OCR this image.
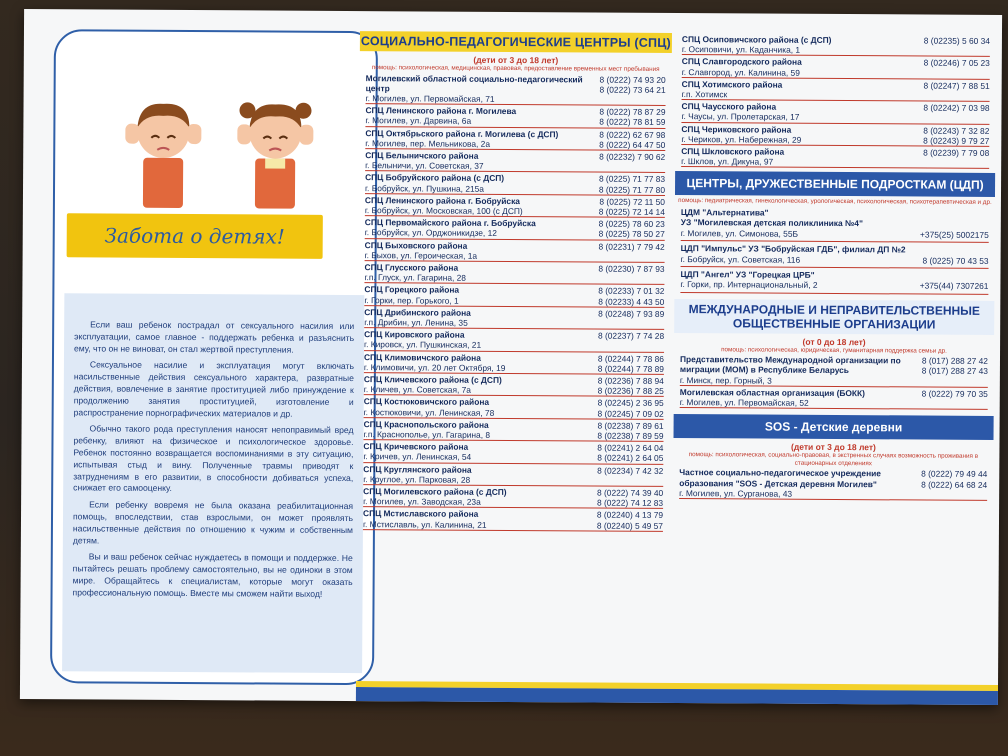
Забота о детях!

Если ваш ребенок пострадал от сексуального насилия или эксплуатации, самое главное - поддержать ребенка и разъяснить ему, что он не виноват, он стал жертвой преступления.

Сексуальное насилие и эксплуатация могут включать насильственные действия сексуального характера, развратные действия, вовлечение в занятие проституцией либо принуждение к продолжению занятия проституцией, изготовление и распространение порнографических материалов и др.

Обычно такого рода преступления наносят непоправимый вред ребенку, влияют на физическое и психологическое здоровье. Ребенок постоянно возвращается воспоминаниями в эту ситуацию, испытывая стыд и вину. Полученные травмы приводят к затруднениям в его развитии, в способности добиваться успеха, снижает его самооценку.

Если ребенку вовремя не была оказана реабилитационная помощь, впоследствии, став взрослыми, он может проявлять насильственные действия по отношению к чужим и собственным детям.

Вы и ваш ребенок сейчас нуждаетесь в помощи и поддержке. Не пытайтесь решать проблему самостоятельно, вы не одиноки в этом мире. Обращайтесь к специалистам, которые могут оказать профессиональную помощь. Вместе мы сможем найти выход!

СОЦИАЛЬНО-ПЕДАГОГИЧЕСКИЕ ЦЕНТРЫ (СПЦ)
(дети от 3 до 18 лет)
помощь: психологическая, медицинская, правовая, предоставление временных мест пребывания
Могилевский областной социально-педагогический центр
г. Могилев, ул. Первомайская, 71
8 (0222) 74 93 20
8 (0222) 73 64 21
СПЦ Ленинского района г. Могилева
г. Могилев, ул. Дарвина, 6а
8 (0222) 78 87 29
8 (0222) 78 81 59
СПЦ Октябрьского района г. Могилева (с ДСП)
г. Могилев, пер. Мельникова, 2а
8 (0222) 62 67 98
8 (0222) 64 47 50
СПЦ Белыничского района
г. Белыничи, ул. Советская, 37
8 (02232) 7 90 62
СПЦ Бобруйского района (с ДСП)
г. Бобруйск, ул. Пушкина, 215а
8 (0225) 71 77 83
8 (0225) 71 77 80
СПЦ Ленинского района г. Бобруйска
г. Бобруйск, ул. Московская, 100 (с ДСП)
8 (0225) 72 11 50
8 (0225) 72 14 14
СПЦ Первомайского района г. Бобруйска
г. Бобруйск, ул. Орджоникидзе, 12
8 (0225) 78 60 23
8 (0225) 78 50 27
СПЦ Быховского района
г. Быхов, ул. Героическая, 1а
8 (02231) 7 79 42
СПЦ Глусского района
г.п. Глуск, ул. Гагарина, 28
8 (02230) 7 87 93
СПЦ Горецкого района
г. Горки, пер. Горького, 1
8 (02233) 7 01 32
8 (02233) 4 43 50
СПЦ Дрибинского района
г.п. Дрибин, ул. Ленина, 35
8 (02248) 7 93 89
СПЦ Кировского района
г. Кировск, ул. Пушкинская, 21
8 (02237) 7 74 28
СПЦ Климовичского района
г. Климовичи, ул. 20 лет Октября, 19
8 (02244) 7 78 86
8 (02244) 7 78 89
СПЦ Кличевского района (с ДСП)
г. Кличев, ул. Советская, 7а
8 (02236) 7 88 94
8 (02236) 7 88 25
СПЦ Костюковичского района
г. Костюковичи, ул. Ленинская, 78
8 (02245) 2 36 95
8 (02245) 7 09 02
СПЦ Краснопольского района
г.п. Краснополье, ул. Гагарина, 8
8 (02238) 7 89 61
8 (02238) 7 89 59
СПЦ Кричевского района
г. Кричев, ул. Ленинская, 54
8 (02241) 2 64 04
8 (02241) 2 64 05
СПЦ Круглянского района
г. Круглое, ул. Парковая, 28
8 (02234) 7 42 32
СПЦ Могилевского района (с ДСП)
г. Могилев, ул. Заводская, 23а
8 (0222) 74 39 40
8 (0222) 74 12 83
СПЦ Мстиславского района
г. Мстиславль, ул. Калинина, 21
8 (02240) 4 13 79
8 (02240) 5 49 57
СПЦ Осиповичского района (с ДСП)
г. Осиповичи, ул. Каданчика, 1
8 (02235) 5 60 34
СПЦ Славгородского района
г. Славгород, ул. Калинина, 59
8 (02246) 7 05 23
СПЦ Хотимского района
г.п. Хотимск
8 (02247) 7 88 51
СПЦ Чаусского района
г. Чаусы, ул. Пролетарская, 17
8 (02242) 7 03 98
СПЦ Чериковского района
г. Чериков, ул. Набережная, 29
8 (02243) 7 32 82
8 (02243) 9 79 27
СПЦ Шкловского района
г. Шклов, ул. Дикуна, 97
8 (02239) 7 79 08
ЦЕНТРЫ, ДРУЖЕСТВЕННЫЕ ПОДРОСТКАМ (ЦДП)
помощь: педиатрическая, гинекологическая, урологическая, психологическая, психотерапевтическая и др.
ЦДМ "Альтернатива"
УЗ "Могилевская детская поликлиника №4"
г. Могилев, ул. Симонова, 55Б	+375(25) 5002175
ЦДП "Импульс" УЗ "Бобруйская ГДБ", филиал ДП №2
г. Бобруйск, ул. Советская, 116	8 (0225) 70 43 53
ЦДП "Ангел" УЗ "Горецкая ЦРБ"
г. Горки, пр. Интернациональный, 2	+375(44) 7307261
МЕЖДУНАРОДНЫЕ И НЕПРАВИТЕЛЬСТВЕННЫЕ ОБЩЕСТВЕННЫЕ ОРГАНИЗАЦИИ
(от 0 до 18 лет)
помощь: психологическая, юридическая, гуманитарная поддержка семьи др.
Представительство Международной организации по миграции (МОМ) в Республике Беларусь
г. Минск, пер. Горный, 3
8 (017) 288 27 42
8 (017) 288 27 43
Могилевская областная организация (БОКК)
г. Могилев, ул. Первомайская, 52
8 (0222) 79 70 35
SOS - Детские деревни
(дети от 3 до 18 лет)
помощь: психологическая, социально-правовая, в экстренных случаях возможность проживания в стационарных отделениях
Частное социально-педагогическое учреждение образования "SOS - Детская деревня Могилев"
г. Могилев, ул. Сурганова, 43
8 (0222) 79 49 44
8 (0222) 64 68 24
